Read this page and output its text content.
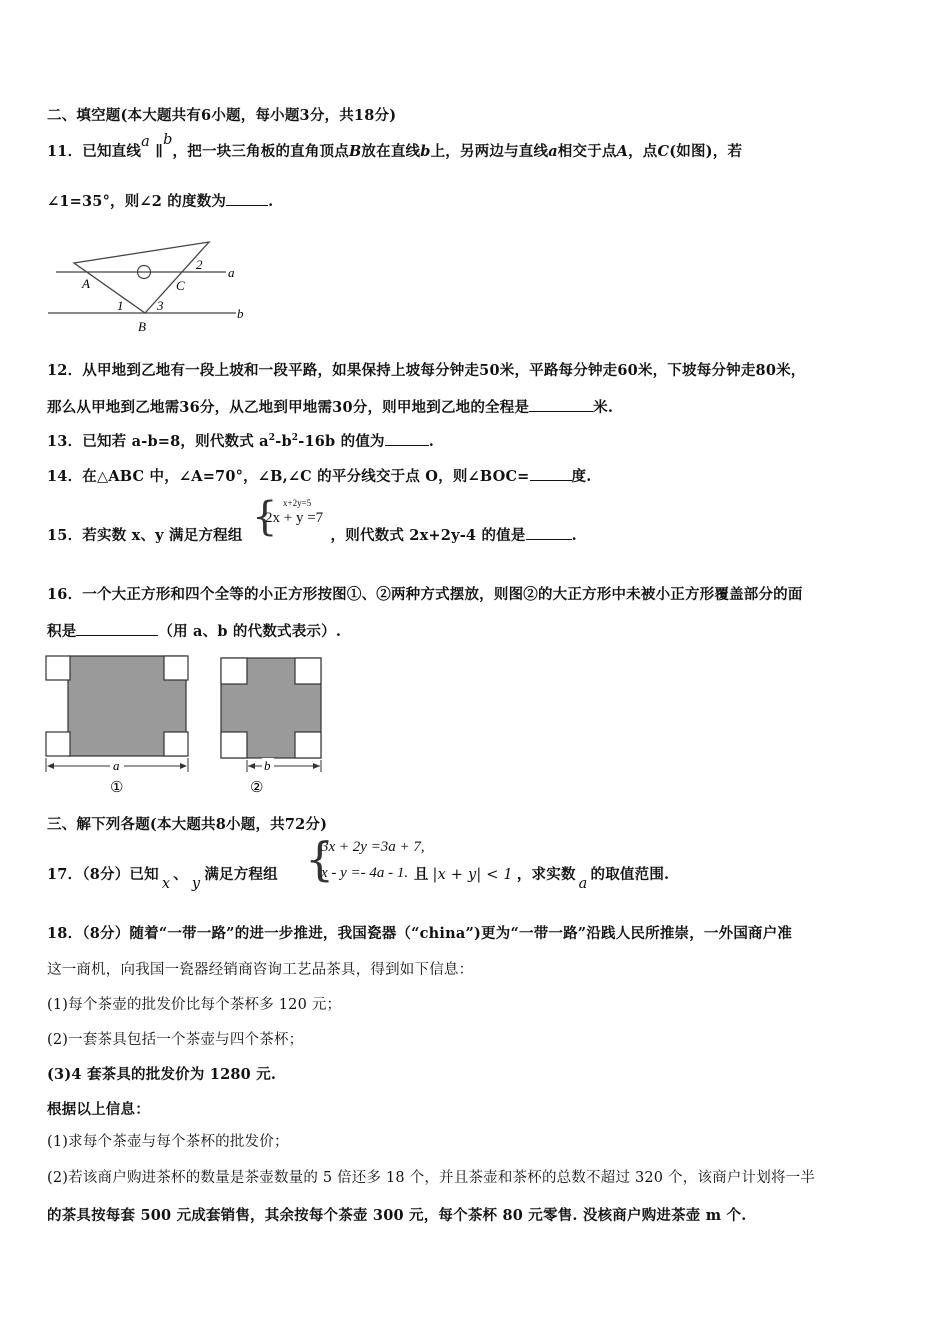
二、填空题(本大题共有6小题，每小题3分，共18分)
11．已知直线a ∥b，把一块三角板的直角顶点B放在直线b上，另两边与直线a相交于点A，点C(如图)，若
∠1=35°，则∠2 的度数为	.
a
b
A
B
C
1
2
3
12．从甲地到乙地有一段上坡和一段平路，如果保持上坡每分钟走50米，平路每分钟走60米，下坡每分钟走80米，
那么从甲地到乙地需36分，从乙地到甲地需30分，则甲地到乙地的全程是	米.
13．已知若 a-b=8，则代数式 $a^2-b^2-16b$ 的值为	.
14．在△ABC 中，∠A=70°，∠B,∠C 的平分线交于点 O，则∠BOC=	度.
15．若实数 x、y 满足方程组	，则代数式 2x+2y-4 的值是	.
{ x+2y=5
2x + y =7
16．一个大正方形和四个全等的小正方形按图①、②两种方式摆放，则图②的大正方形中未被小正方形覆盖部分的面
积是	（用 a、b 的代数式表示）.
a
①
b
②
三、解下列各题(本大题共8小题，共72分)
17．（8分）已知x、y满足方程组	且 |x + y| < 1 ，求实数a的取值范围.
{
3x + 2y =3a + 7,
x - y =- 4a - 1.
18．（8分）随着“一带一路”的进一步推进，我国瓷器（“china”)更为“一带一路”沿践人民所推崇，一外国商户准
这一商机，向我国一瓷器经销商咨询工艺品茶具，得到如下信息：
(1)每个茶壶的批发价比每个茶杯多 120 元；
(2)一套茶具包括一个茶壶与四个茶杯；
(3)4 套茶具的批发价为 1280 元.
根据以上信息：
(1)求每个茶壶与每个茶杯的批发价；
(2)若该商户购进茶杯的数量是茶壶数量的 5 倍还多 18 个，并且茶壶和茶杯的总数不超过 320 个，该商户计划将一半
的茶具按每套 500 元成套销售，其余按每个茶壶 300 元，每个茶杯 80 元零售. 没核商户购进茶壶 m 个.
